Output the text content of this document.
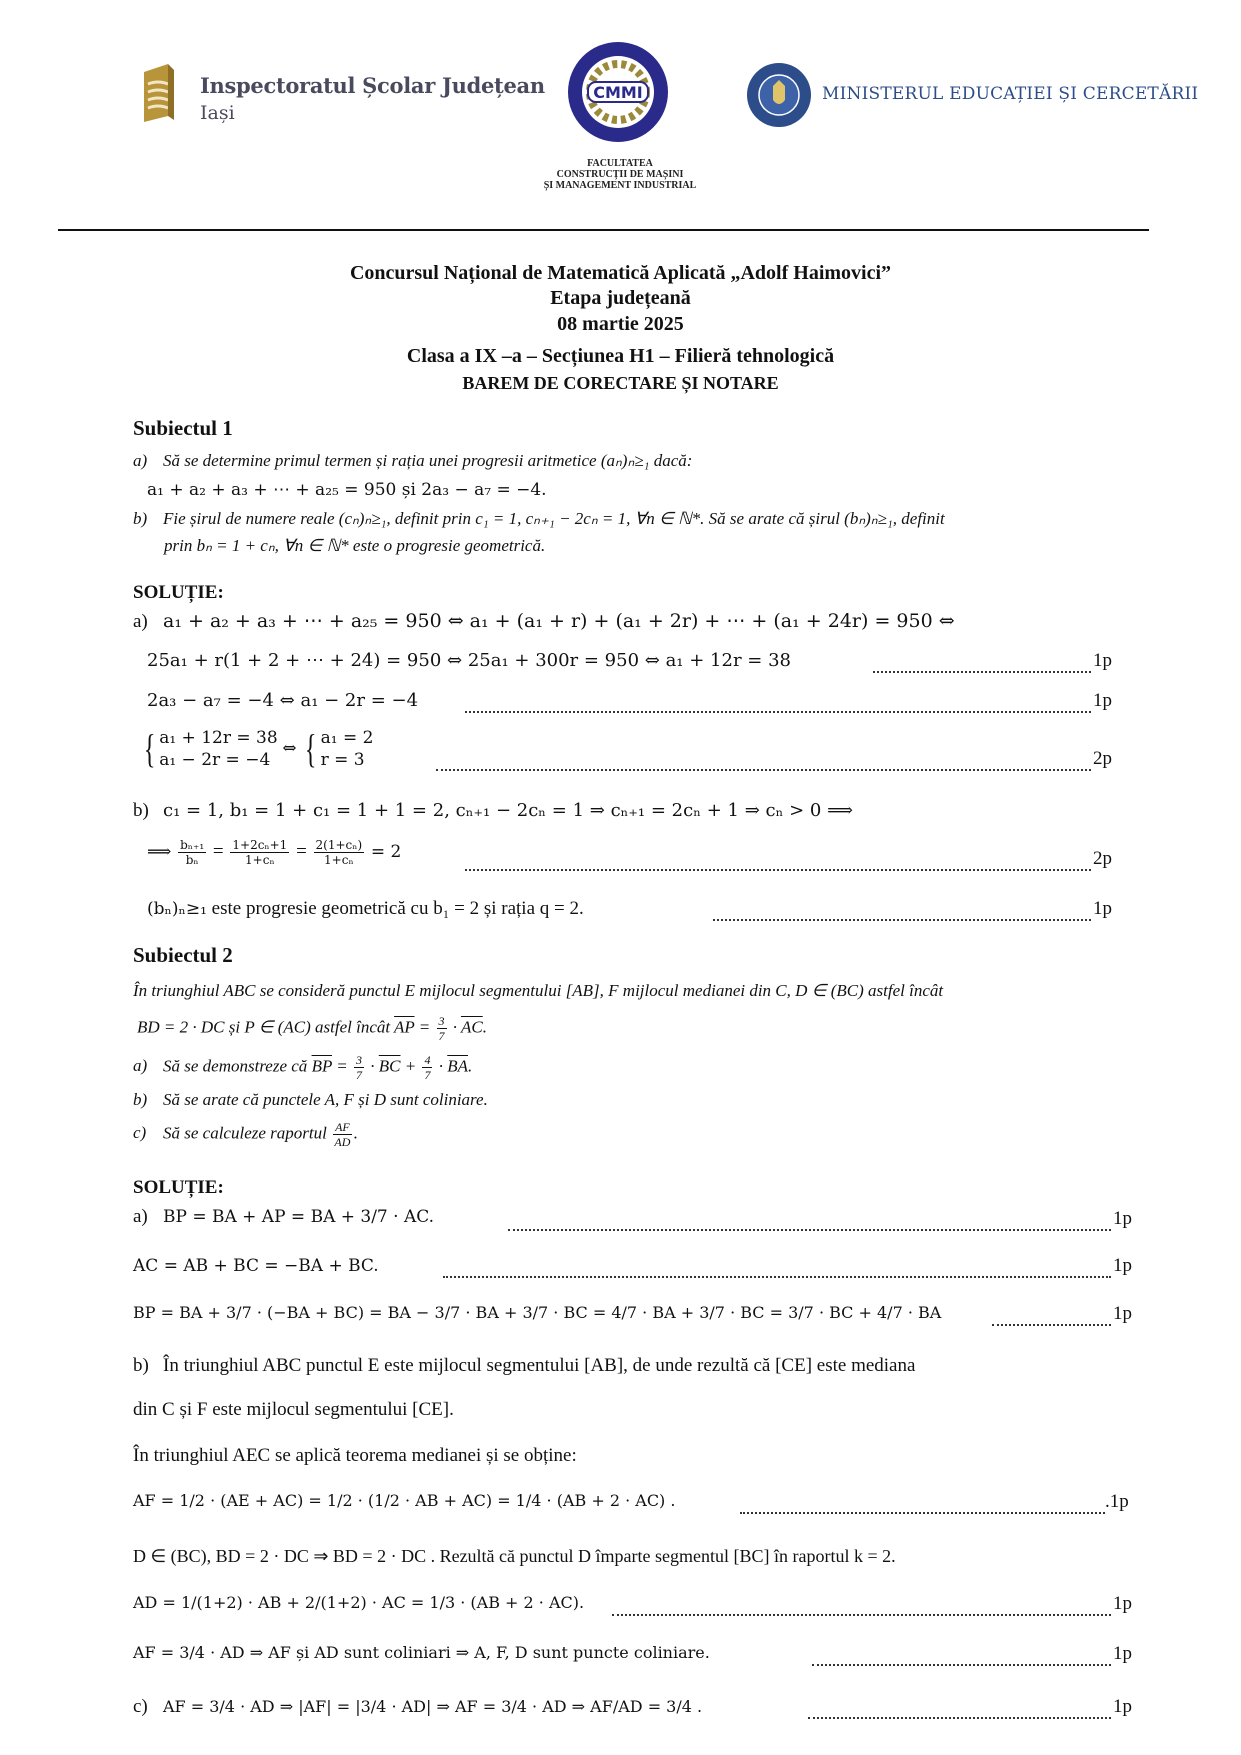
Inspectoratul Școlar Județean
Iași
CMMI
FACULTATEA
CONSTRUCȚII DE MAȘINI
ȘI MANAGEMENT INDUSTRIAL
MINISTERUL EDUCAȚIEI ȘI CERCETĂRII
Concursul Național de Matematică Aplicată „Adolf Haimovici”
Etapa județeană
08 martie 2025
Clasa a IX –a – Secțiunea H1 – Filieră tehnologică
BAREM DE CORECTARE ȘI NOTARE
Subiectul 1
a) Să se determine primul termen și rația unei progresii aritmetice (aₙ)ₙ≥₁ dacă:
a₁ + a₂ + a₃ + ⋯ + a₂₅ = 950 și 2a₃ − a₇ = −4.
b) Fie șirul de numere reale (cₙ)ₙ≥₁, definit prin c₁ = 1, cₙ₊₁ − 2cₙ = 1, ∀n ∈ ℕ*. Să se arate că șirul (bₙ)ₙ≥₁, definit
prin bₙ = 1 + cₙ, ∀n ∈ ℕ* este o progresie geometrică.
SOLUȚIE:
a) a₁ + a₂ + a₃ + ⋯ + a₂₅ = 950 ⇔ a₁ + (a₁ + r) + (a₁ + 2r) + ⋯ + (a₁ + 24r) = 950 ⇔
25a₁ + r(1 + 2 + ⋯ + 24) = 950 ⇔ 25a₁ + 300r = 950 ⇔ a₁ + 12r = 38	1p
2a₃ − a₇ = −4 ⇔ a₁ − 2r = −4	1p
{ a₁ + 12r = 38
a₁ − 2r = −4
⇔ { a₁ = 2
r = 3	2p
b) c₁ = 1, b₁ = 1 + c₁ = 1 + 1 = 2, cₙ₊₁ − 2cₙ = 1 ⇒ cₙ₊₁ = 2cₙ + 1 ⇒ cₙ > 0 ⟹
⟹ $\frac{\text{bₙ₊₁}}{\text{bₙ}} = \frac{\text{1+2cₙ+1}}{\text{1+cₙ}} = \frac{\text{2(1+cₙ)}}{\text{1+cₙ}} = 2$	2p
(bₙ)ₙ≥₁ este progresie geometrică cu b₁ = 2 și rația q = 2.	1p
Subiectul 2
În triunghiul ABC se consideră punctul E mijlocul segmentului [AB], F mijlocul medianei din C, D ∈ (BC) astfel încât
BD = 2 · DC și P ∈ (AC) astfel încât $\overline{AP} = \frac{3}{7} \cdot \overline{AC}$.
a) Să se demonstreze că $\overline{BP} = \frac{3}{7} \cdot \overline{BC} + \frac{4}{7} \cdot \overline{BA}$.
b) Să se arate că punctele A, F și D sunt coliniare.
c) Să se calculeze raportul $\frac{AF}{AD}$ .
SOLUȚIE:
a) BP = BA + AP = BA + 3/7 · AC.	1p
AC = AB + BC = −BA + BC.	1p
BP = BA + 3/7 · (−BA + BC) = BA − 3/7 · BA + 3/7 · BC = 4/7 · BA + 3/7 · BC = 3/7 · BC + 4/7 · BA	1p
b) În triunghiul ABC punctul E este mijlocul segmentului [AB], de unde rezultă că [CE] este mediana
din C și F este mijlocul segmentului [CE].
În triunghiul AEC se aplică teorema medianei și se obține:
AF = 1/2 · (AE + AC) = 1/2 · (1/2 · AB + AC) = 1/4 · (AB + 2 · AC) .	.1p
D ∈ (BC), BD = 2 · DC ⇒ BD = 2 · DC . Rezultă că punctul D împarte segmentul [BC] în raportul k = 2.
AD = 1/(1+2) · AB + 2/(1+2) · AC = 1/3 · (AB + 2 · AC).	1p
AF = 3/4 · AD ⇒ AF și AD sunt coliniari ⇒ A, F, D sunt puncte coliniare.	1p
c) AF = 3/4 · AD ⇒ |AF| = |3/4 · AD| ⇒ AF = 3/4 · AD ⇒ AF/AD = 3/4 .	1p
